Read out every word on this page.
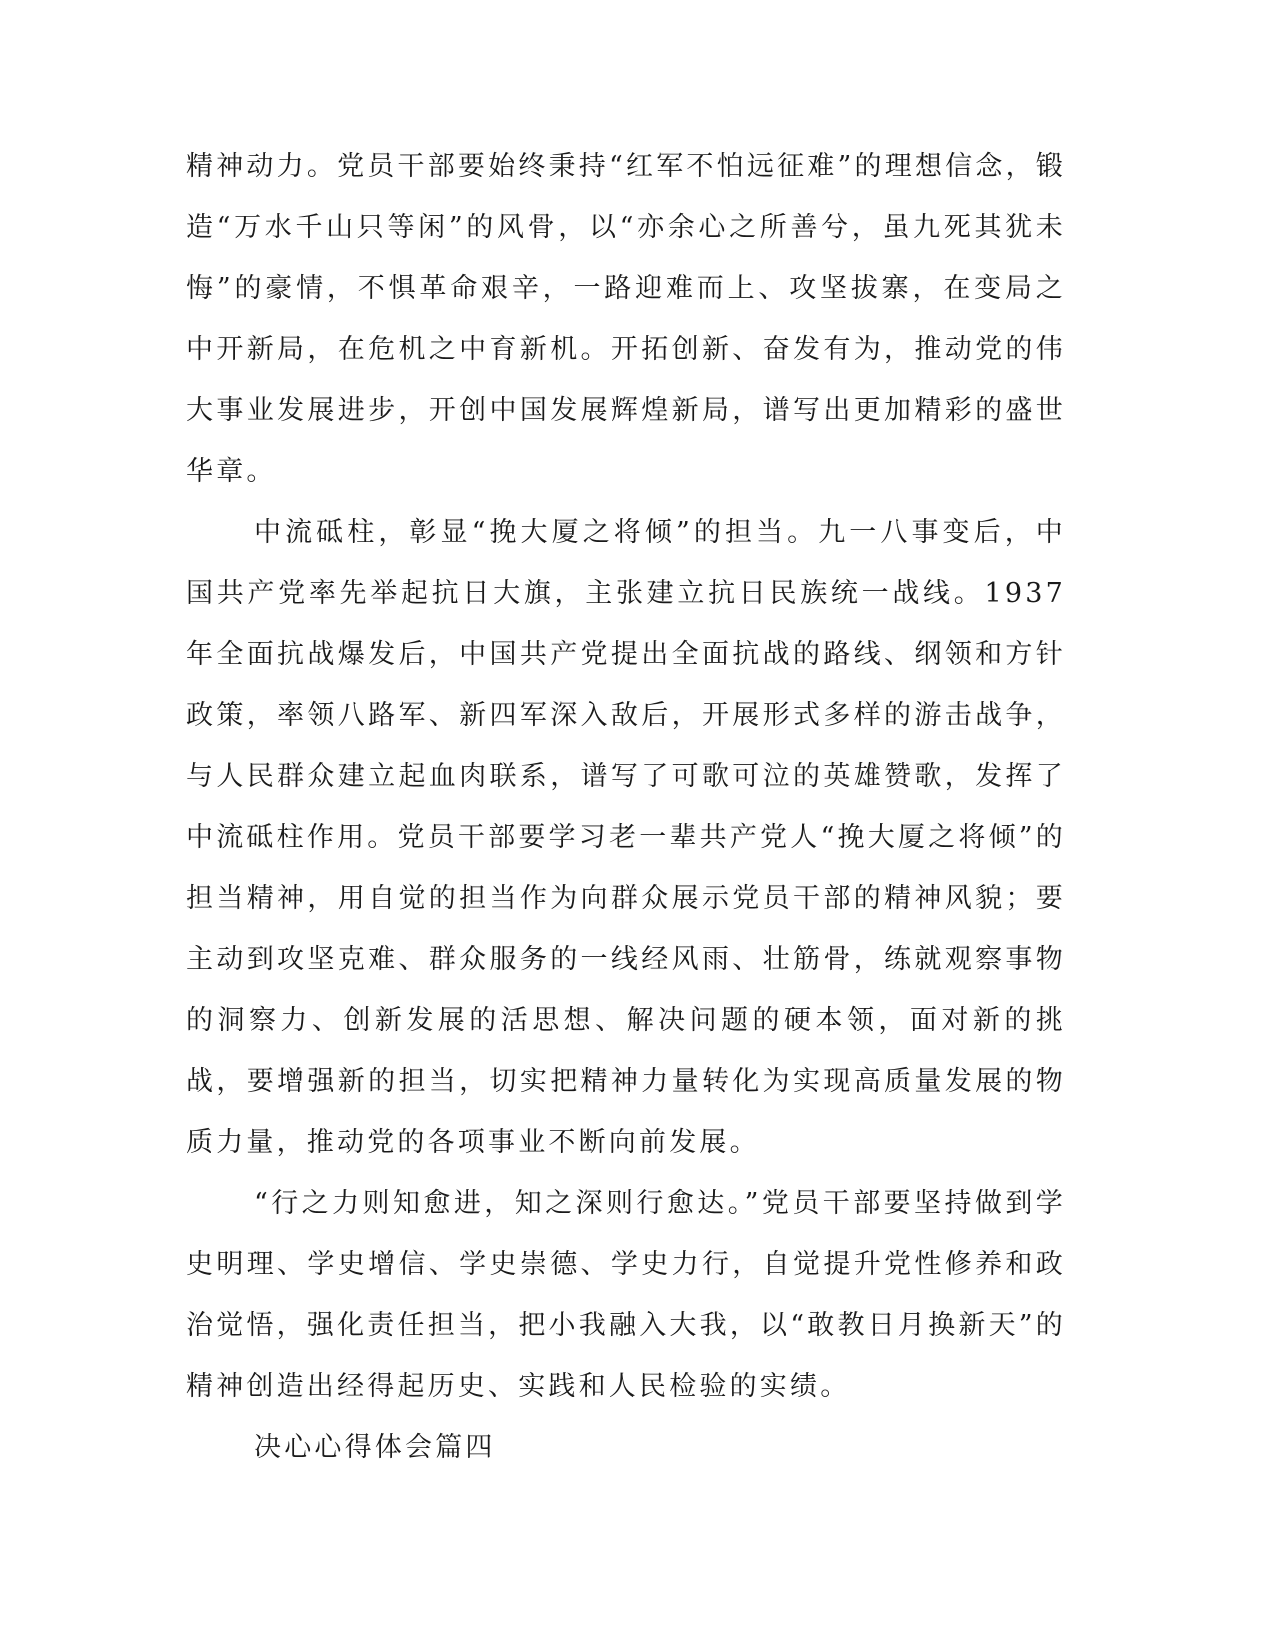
精神动力。党员干部要始终秉持“红军不怕远征难”的理想信念，锻造“万水千山只等闲”的风骨，以“亦余心之所善兮，虽九死其犹未悔”的豪情，不惧革命艰辛，一路迎难而上、攻坚拔寨，在变局之中开新局，在危机之中育新机。开拓创新、奋发有为，推动党的伟大事业发展进步，开创中国发展辉煌新局，谱写出更加精彩的盛世华章。

中流砥柱，彰显“挽大厦之将倾”的担当。九一八事变后，中国共产党率先举起抗日大旗，主张建立抗日民族统一战线。1937 年全面抗战爆发后，中国共产党提出全面抗战的路线、纲领和方针政策，率领八路军、新四军深入敌后，开展形式多样的游击战争，与人民群众建立起血肉联系，谱写了可歌可泣的英雄赞歌，发挥了中流砥柱作用。党员干部要学习老一辈共产党人“挽大厦之将倾”的担当精神，用自觉的担当作为向群众展示党员干部的精神风貌；要主动到攻坚克难、群众服务的一线经风雨、壮筋骨，练就观察事物的洞察力、创新发展的活思想、解决问题的硬本领，面对新的挑战，要增强新的担当，切实把精神力量转化为实现高质量发展的物质力量，推动党的各项事业不断向前发展。

“行之力则知愈进，知之深则行愈达。”党员干部要坚持做到学史明理、学史增信、学史崇德、学史力行，自觉提升党性修养和政治觉悟，强化责任担当，把小我融入大我，以“敢教日月换新天”的精神创造出经得起历史、实践和人民检验的实绩。

决心心得体会篇四
